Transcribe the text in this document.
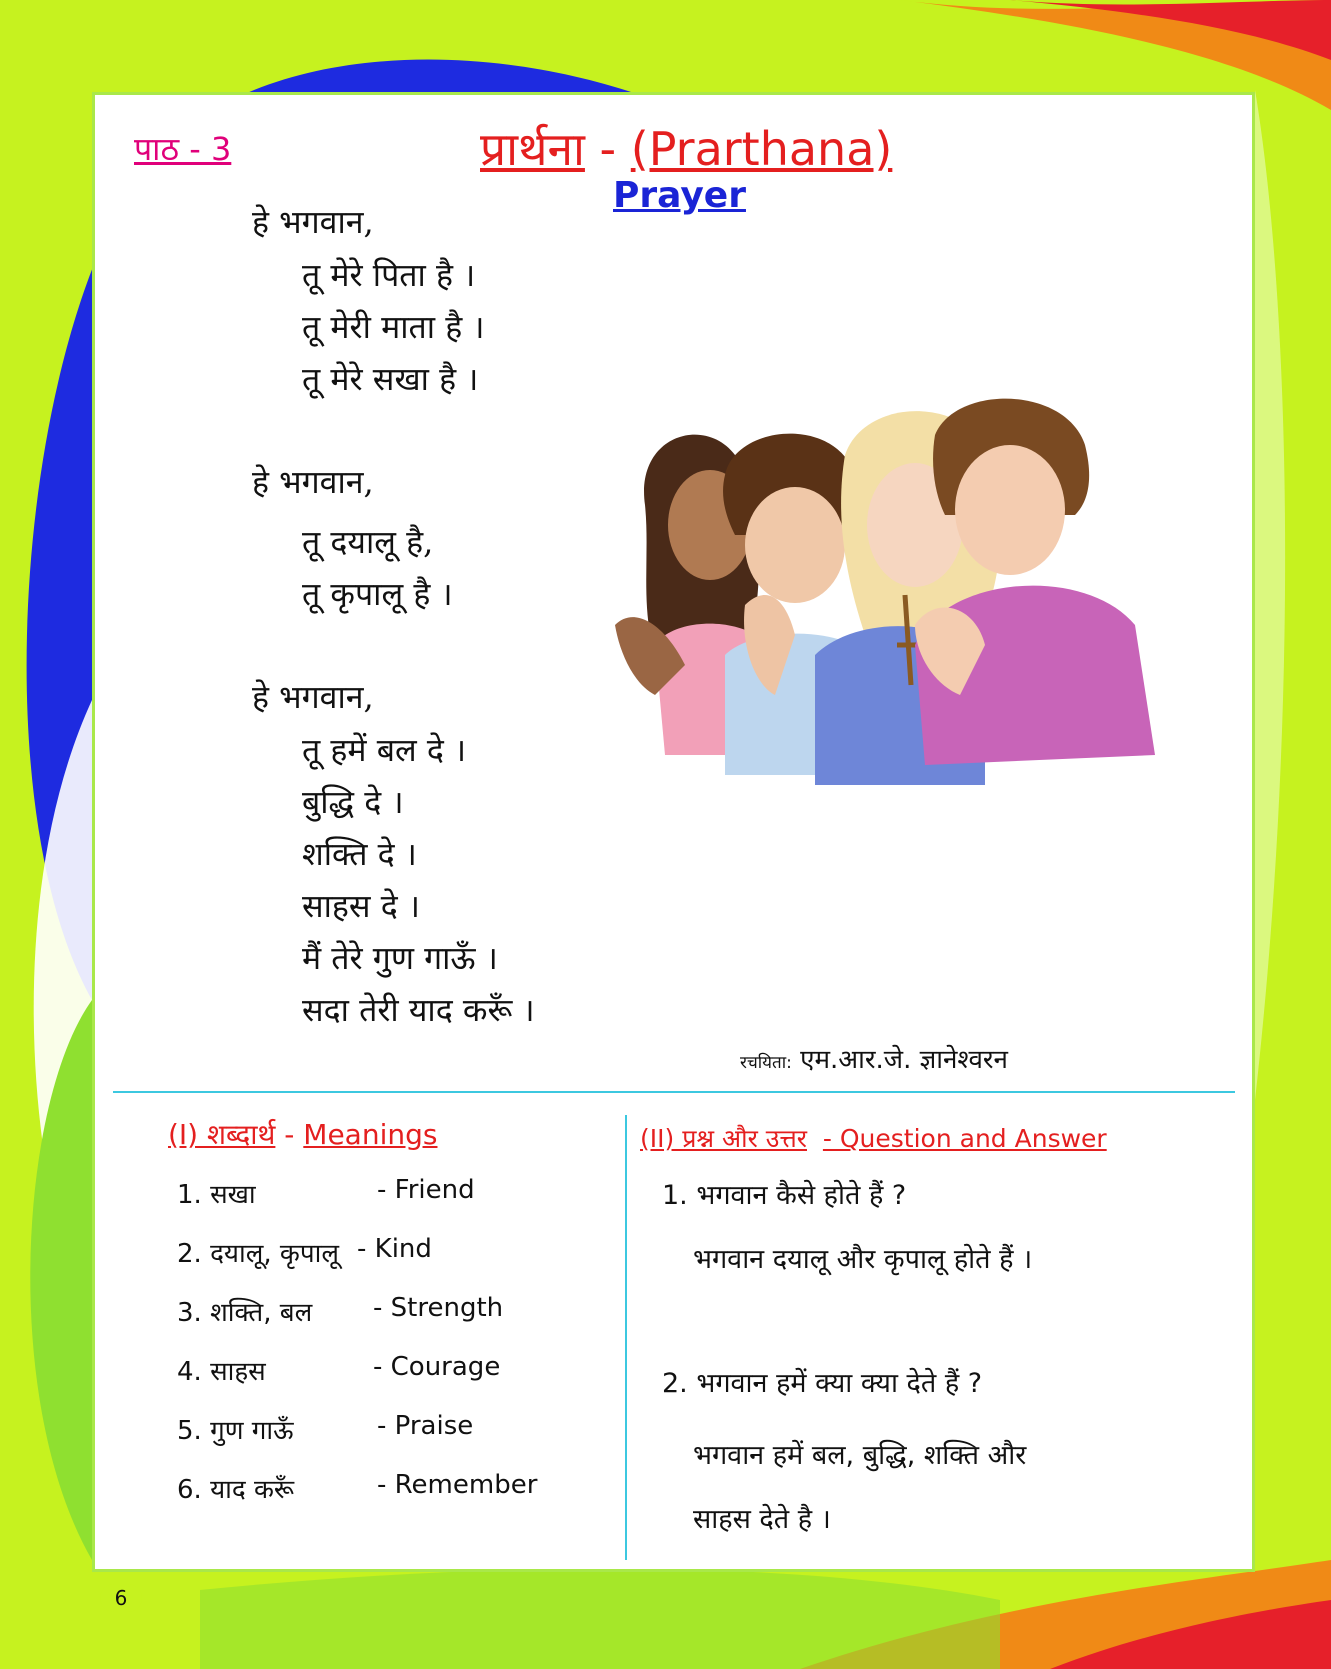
पाठ - 3	प्रार्थना - (Prarthana)
Prayer
हे भगवान,
तू मेरे पिता है ।
तू मेरी माता है ।
तू मेरे सखा है ।
हे भगवान,
तू दयालू है,
तू कृपालू है ।
हे भगवान,
तू हमें बल दे ।
बुद्धि दे ।
शक्ति दे ।
साहस दे ।
मैं तेरे गुण गाऊँ ।
सदा तेरी याद करूँ ।
रचयिता: एम.आर.जे. ज्ञानेश्वरन
(I) शब्दार्थ - Meanings
1. सखा	- Friend
2. दयालू, कृपालू - Kind
3. शक्ति, बल - Strength
4. साहस	- Courage
5. गुण गाऊँ	- Praise
6. याद करूँ	- Remember
(II) प्रश्न और उत्तर - Question and Answer
1. भगवान कैसे होते हैं ?
भगवान दयालू और कृपालू होते हैं ।
2. भगवान हमें क्या क्या देते हैं ?
भगवान हमें बल, बुद्धि, शक्ति और
साहस देते है ।
6
